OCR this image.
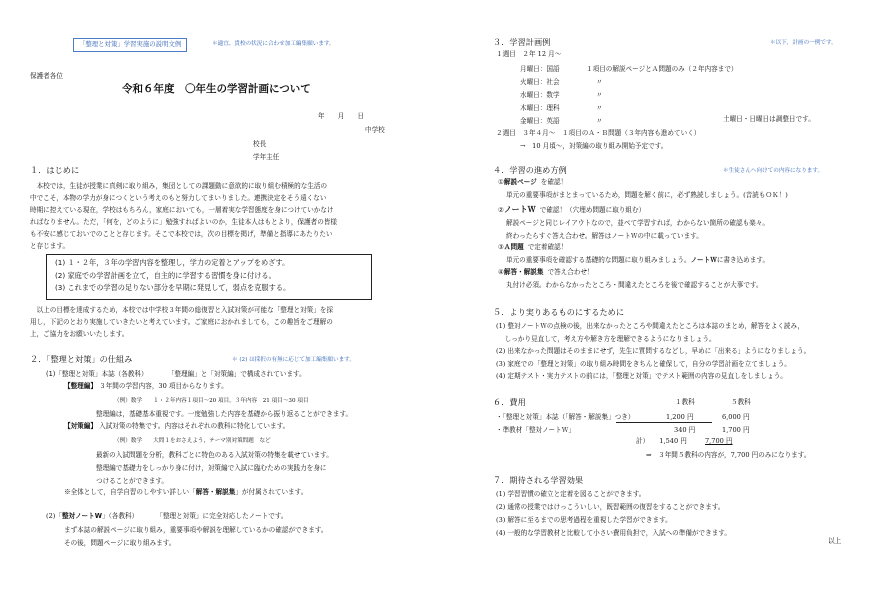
「整理と対策」学習実施の説明文例	＊適宜、貴校の状況に合わせ加工編集願います。
保護者各位
令和６年度　〇年生の学習計画について
年　　月　　日
中学校
校長
学年主任
１．はじめに
　本校では，生徒が授業に真剣に取り組み，集団としての課題動に意欲的に取り組む積極的な生活の
中でこそ，本物の学力が身につくという考えのもと努力してまいりました。連携決定をそう遠くない
時期に控えている現在，学校はもちろん，家庭においても，一層着実な学習態度を身につけていかなけ
ればなりません。ただ，「何を，どのように」勉強すればよいのか，生徒本人はもとより，保護者の皆様
も不安に感じておいでのことと存じます。そこで本校では，次の目標を掲げ，準備と指導にあたりたい
と存じます。
(1) １・２年，３年の学習内容を整理し，学力の定着とアップをめざす。
(2) 家庭での学習計画を立て，自主的に学習する習慣を身に付ける。
(3) これまでの学習の足りない部分を早期に発見して，弱点を克服する。
　以上の目標を達成するため，本校では中学校３年間の総復習と入試対策が可能な「整理と対策」を採
用し，下記のとおり実施していきたいと考えています。ご家庭におかれましても，この趣旨をご理解の
上，ご協力をお願いいたします。
２．「整理と対策」の仕組み	＊ (2) は採択の有無に応じて加工編集願います。
(1)「整理と対策」本誌（各教科）	「整理編」と「対策編」で構成されています。
【整理編】 ３年間の学習内容，30 項目からなります。
（例）数学　　１・２年内容１項目〜20 項目，３年内容　21 項目〜30 項目
整理編は，基礎基本重視です。一度勉強した内容を基礎から振り返ることができます。
【対策編】 入試対策の特集です。内容はそれぞれの教科に特化しています。
（例）数学　　大問１をおさえよう，テーマ別対策問題　など
最新の入試問題を分析，教科ごとに特色のある入試対策の特集を載せています。
整理編で基礎力をしっかり身に付け，対策編で入試に臨むための実践力を身に
つけることができます。
※全体として，自学自習のしやすい詳しい「解答・解説集」が付属されています。
(2)「整対ノートW」（各教科）	「整理と対策」に完全対応したノートです。
まず本誌の解説ページに取り組み，重要事項や解説を理解しているかの確認ができます。
その後，問題ページに取り組みます。
３．学習計画例	＊以下，計画の一例です。
１週目　２年 12 月〜
月曜日：国語	１項目の解説ページとＡ問題のみ（２年内容まで）
火曜日：社会	〃
水曜日：数学	〃
木曜日：理科	〃
金曜日：英語	〃	土曜日・日曜日は調整日です。
２週目　３年４月〜　１項目のＡ・Ｂ問題（３年内容も進めていく）
→　10 月頃〜，対策編の取り組み開始予定です。
４．学習の進め方例	＊生徒さんへ向けての内容になります。
①解説ページ を確認！
単元の重要事項がまとまっているため，問題を解く前に，必ず熟読しましょう。(音読もＯＫ！)
②ノートＷ で確認！（穴埋め問題に取り組む）
解説ページと同じレイアウトなので，並べて学習すれば，わからない箇所の確認も楽々。
終わったらすぐ答え合わせ。解答はノートＷの中に載っています。
③Ａ問題 で定着確認！
単元の重要事項を確認する基礎的な問題に取り組みましょう。ノートＷに書き込めます。
④解答・解説集 で答え合わせ！
丸付け必須。わからなかったところ・間違えたところを後で確認することが大事です。
５．より実りあるものにするために
(1) 整対ノートＷの点検の後，出来なかったところや間違えたところは本誌のまとめ，解答をよく読み，
　 しっかり見直して，考え方や解き方を理解できるようになりましょう。
(2) 出来なかった問題はそのままにせず，先生に質問するなどし，早めに「出来る」ようになりましょう。
(3) 家庭での「整理と対策」の取り組み時間をきちんと確保して，自分の学習計画を立てましょう。
(4) 定期テスト・実力テストの前には，「整理と対策」でテスト範囲の内容の見直しをしましょう。
６．費用	１教科	５教科
・「整理と対策」本誌（「解答・解説集」つき）	1,200 円	6,000 円
・準教材「整対ノートＷ」	340 円	1,700 円
計） 1,540 円	7,700 円
⇒　３年間５教科の内容が，7,700 円のみになります。
７．期待される学習効果
(1) 学習習慣の確立と定着を図ることができます。
(2) 通常の授業ではけっこういしい，既習範囲の復習をすることができます。
(3) 解答に至るまでの思考過程を重視した学習ができます。
(4) 一般的な学習教材と比較して小さい費用負担で，入試への準備ができます。
以上
